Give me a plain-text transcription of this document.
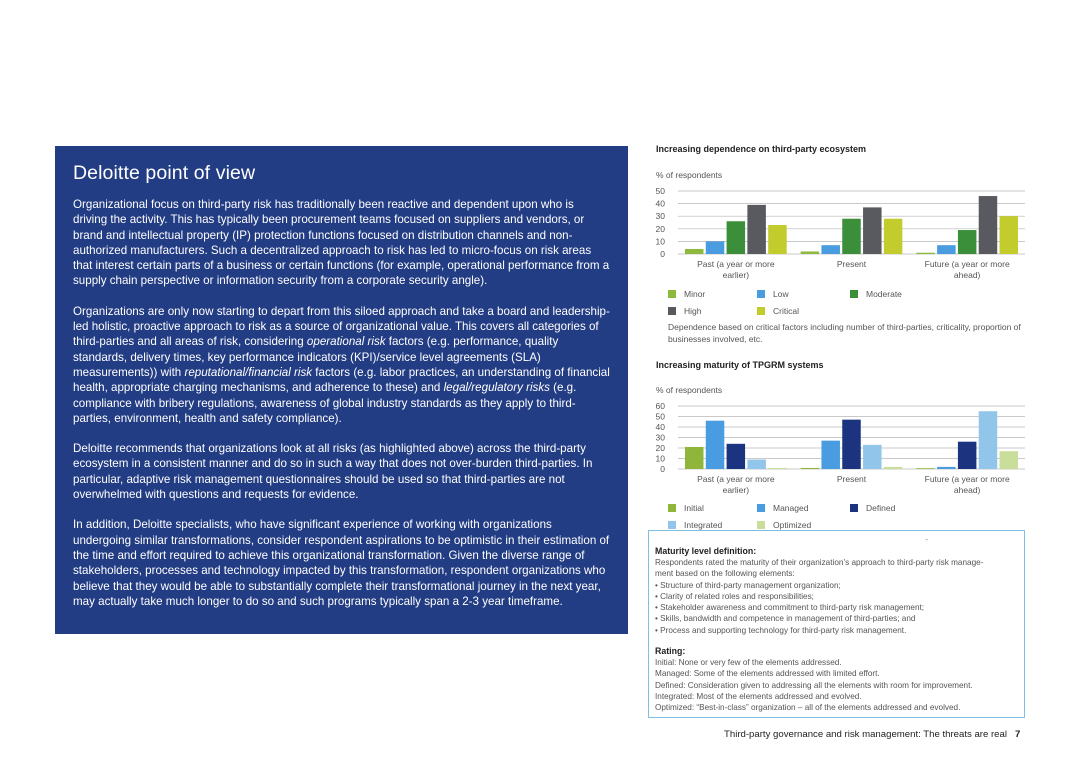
Deloitte point of view

Organizational focus on third-party risk has traditionally been reactive and dependent upon who is driving the activity. This has typically been procurement teams focused on suppliers and vendors, or brand and intellectual property (IP) protection functions focused on distribution channels and non-authorized manufacturers. Such a decentralized approach to risk has led to micro-focus on risk areas that interest certain parts of a business or certain functions (for example, operational performance from a supply chain perspective or information security from a corporate security angle).

Organizations are only now starting to depart from this siloed approach and take a board and leadership-led holistic, proactive approach to risk as a source of organizational value. This covers all categories of third-parties and all areas of risk, considering operational risk factors (e.g. performance, quality standards, delivery times, key performance indicators (KPI)/service level agreements (SLA) measurements)) with reputational/financial risk factors (e.g. labor practices, an understanding of financial health, appropriate charging mechanisms, and adherence to these) and legal/regulatory risks (e.g. compliance with bribery regulations, awareness of global industry standards as they apply to third-parties, environment, health and safety compliance).

Deloitte recommends that organizations look at all risks (as highlighted above) across the third-party ecosystem in a consistent manner and do so in such a way that does not over-burden third-parties. In particular, adaptive risk management questionnaires should be used so that third-parties are not overwhelmed with questions and requests for evidence.

In addition, Deloitte specialists, who have significant experience of working with organizations undergoing similar transformations, consider respondent aspirations to be optimistic in their estimation of the time and effort required to achieve this organizational transformation. Given the diverse range of stakeholders, processes and technology impacted by this transformation, respondent organizations who believe that they would be able to substantially complete their transformational journey in the next year, may actually take much longer to do so and such programs typically span a 2-3 year timeframe.

Increasing dependence on third-party ecosystem
% of respondents
0
10
20
30
40
50
Past (a year or more
earlier)
Present	Future (a year or more
ahead)
Minor	Low	Moderate
High	Critical
Dependence based on critical factors including number of third-parties, criticality, proportion of businesses involved, etc.
Increasing maturity of TPGRM systems
% of respondents
0
10
20
30
40
50
60
Past (a year or more
earlier)
Present	Future (a year or more
ahead)
Initial	Managed	Defined
Integrated	Optimized
-
Maturity level definition:
Respondents rated the maturity of their organization’s approach to third-party risk manage-
ment based on the following elements:
• Structure of third-party management organization;
• Clarity of related roles and responsibilities;
• Stakeholder awareness and commitment to third-party risk management;
• Skills, bandwidth and competence in management of third-parties; and
• Process and supporting technology for third-party risk management.
Rating:
Initial: None or very few of the elements addressed.
Managed: Some of the elements addressed with limited effort.
Defined: Consideration given to addressing all the elements with room for improvement.
Integrated: Most of the elements addressed and evolved.
Optimized: “Best-in-class” organization – all of the elements addressed and evolved.
Third-party governance and risk management: The threats are real 7
